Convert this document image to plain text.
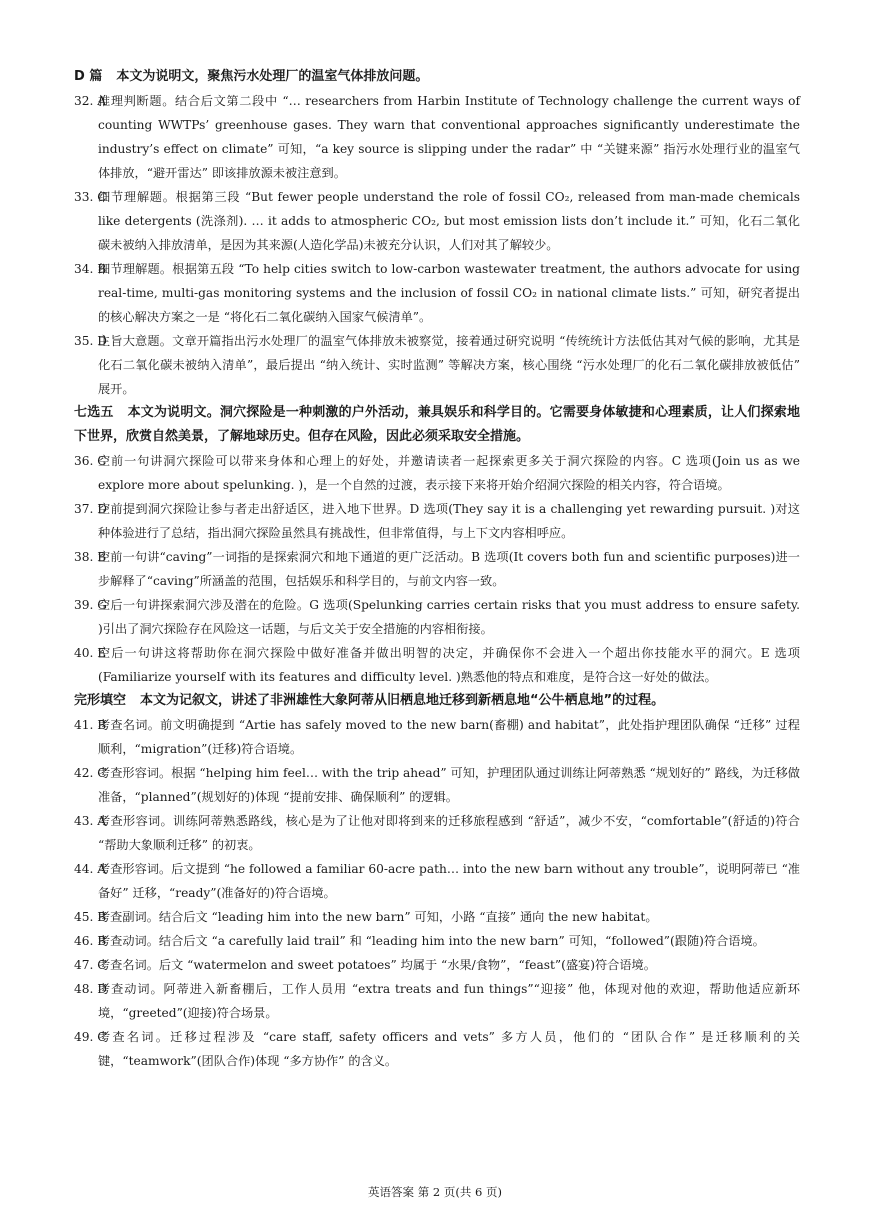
D 篇 本文为说明文，聚焦污水处理厂的温室气体排放问题。
32. A
推理判断题。结合后文第二段中 “… researchers from Harbin Institute of Technology challenge the current ways of counting WWTPs’ greenhouse gases. They warn that conventional approaches significantly underestimate the industry’s effect on climate” 可知，“a key source is slipping under the radar” 中 “关键来源” 指污水处理行业的温室气体排放，“避开雷达” 即该排放源未被注意到。
33. C
细节理解题。根据第三段 “But fewer people understand the role of fossil CO₂, released from man-made chemicals like detergents (洗涤剂). … it adds to atmospheric CO₂, but most emission lists don’t include it.” 可知，化石二氧化碳未被纳入排放清单，是因为其来源(人造化学品)未被充分认识，人们对其了解较少。
34. B
细节理解题。根据第五段 “To help cities switch to low-carbon wastewater treatment, the authors advocate for using real-time, multi-gas monitoring systems and the inclusion of fossil CO₂ in national climate lists.” 可知，研究者提出的核心解决方案之一是 “将化石二氧化碳纳入国家气候清单”。
35. D
主旨大意题。文章开篇指出污水处理厂的温室气体排放未被察觉，接着通过研究说明 “传统统计方法低估其对气候的影响，尤其是化石二氧化碳未被纳入清单”，最后提出 “纳入统计、实时监测” 等解决方案，核心围绕 “污水处理厂的化石二氧化碳排放被低估” 展开。
七选五 本文为说明文。洞穴探险是一种刺激的户外活动，兼具娱乐和科学目的。它需要身体敏捷和心理素质，让人们探索地下世界，欣赏自然美景，了解地球历史。但存在风险，因此必须采取安全措施。
36. C
空前一句讲洞穴探险可以带来身体和心理上的好处，并邀请读者一起探索更多关于洞穴探险的内容。C 选项(Join us as we explore more about spelunking. )，是一个自然的过渡，表示接下来将开始介绍洞穴探险的相关内容，符合语境。
37. D
空前提到洞穴探险让参与者走出舒适区，进入地下世界。D 选项(They say it is a challenging yet rewarding pursuit. )对这种体验进行了总结，指出洞穴探险虽然具有挑战性，但非常值得，与上下文内容相呼应。
38. B
空前一句讲“caving”一词指的是探索洞穴和地下通道的更广泛活动。B 选项(It covers both fun and scientific purposes)进一步解释了“caving”所涵盖的范围，包括娱乐和科学目的，与前文内容一致。
39. G
空后一句讲探索洞穴涉及潜在的危险。G 选项(Spelunking carries certain risks that you must address to ensure safety. )引出了洞穴探险存在风险这一话题，与后文关于安全措施的内容相衔接。
40. E
空后一句讲这将帮助你在洞穴探险中做好准备并做出明智的决定，并确保你不会进入一个超出你技能水平的洞穴。E 选项(Familiarize yourself with its features and difficulty level. )熟悉他的特点和难度，是符合这一好处的做法。
完形填空 本文为记叙文，讲述了非洲雄性大象阿蒂从旧栖息地迁移到新栖息地“公牛栖息地”的过程。
41. B
考查名词。前文明确提到 “Artie has safely moved to the new barn(畜棚) and habitat”，此处指护理团队确保 “迁移” 过程顺利，“migration”(迁移)符合语境。
42. C
考查形容词。根据 “helping him feel… with the trip ahead” 可知，护理团队通过训练让阿蒂熟悉 “规划好的” 路线，为迁移做准备，“planned”(规划好的)体现 “提前安排、确保顺利” 的逻辑。
43. A
考查形容词。训练阿蒂熟悉路线，核心是为了让他对即将到来的迁移旅程感到 “舒适”，减少不安，“comfortable”(舒适的)符合 “帮助大象顺利迁移” 的初衷。
44. A
考查形容词。后文提到 “he followed a familiar 60-acre path… into the new barn without any trouble”，说明阿蒂已 “准备好” 迁移，“ready”(准备好的)符合语境。
45. B
考查副词。结合后文 “leading him into the new barn” 可知，小路 “直接” 通向 the new habitat。
46. B
考查动词。结合后文 “a carefully laid trail” 和 “leading him into the new barn” 可知，“followed”(跟随)符合语境。
47. C
考查名词。后文 “watermelon and sweet potatoes” 均属于 “水果/食物”，“feast”(盛宴)符合语境。
48. D
考查动词。阿蒂进入新畜棚后，工作人员用 “extra treats and fun things”“迎接” 他，体现对他的欢迎，帮助他适应新环境，“greeted”(迎接)符合场景。
49. C
考查名词。迁移过程涉及 “care staff, safety officers and vets” 多方人员，他们的 “团队合作” 是迁移顺利的关键，“teamwork”(团队合作)体现 “多方协作” 的含义。
英语答案 第 2 页(共 6 页)
